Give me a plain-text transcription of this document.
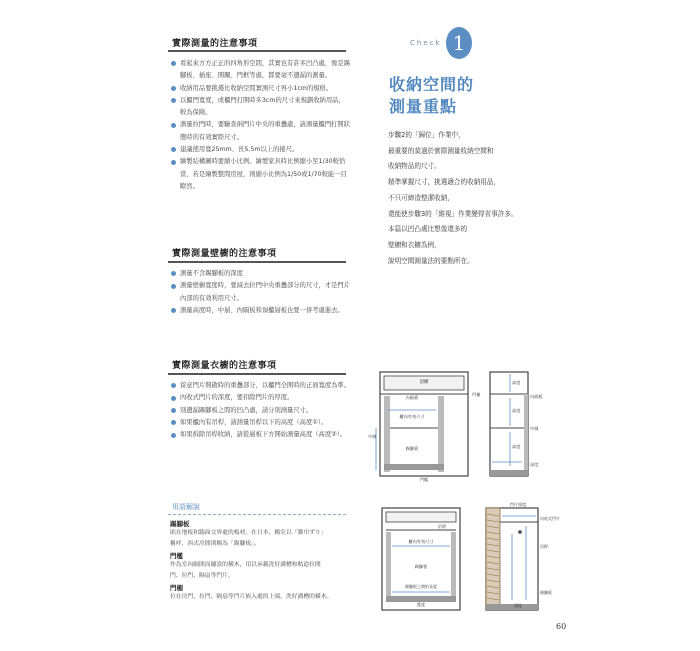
實際測量的注意事項
看起來方方正正的四角形空間，其實也有許多凹凸處，像是踢腳板、插座、開關、門框等處，都要毫不遺漏的測量。
收納用品要挑選比收納空間實測尺寸再小1cm的規格。
以櫃門寬度，或櫃門打開時多3cm的尺寸來規劃收納用品，較為保險。
測量拉門時，要驗查兩門片中央的重疊處，請測量櫃門打開狀態時的有效實際尺寸。
建議使用寬25mm、長5.5m以上的捲尺。
繪製結構圖時要縮小比例。繪製家具時比例縮小至1/30較恰當，若是繪製整間房屋，則縮小比例為1/50或1/70較能一目瞭然。
實際測量壁櫥的注意事項
測量不含踢腳板的深度
測量壁櫥寬度時，要減去拉門中央重疊部分的尺寸，才是門片內部的有效利用尺寸。
測量高度時，中層、內隔板和頂櫃層板也要一併考慮進去。
實際測量衣櫥的注意事項
留意門片開啟時的重疊部分，以櫃門全開時的正面寬度為準。
內收式門片的深度，要扣除門片的厚度。
別遺漏踢腳板之間的凹凸處，請分別測量尺寸。
如果櫃內有吊桿，請測量吊桿以下的高度（高度①）。
如果拆除吊桿收納，請從層板下方開始測量高度（高度②）。
用語解說
踢腳板
貼在地板和牆面交界處的板材。在日本，稱室以「雜巾ずり」
稱呼，西式房間則稱為「踢腳板」。
門檻
作為室內隔間而鋪設的橫木，用以承載洗好溝槽和軌道拉開
門、拉門、隔扇等門片。
門楣
位在房門、拉門、隔扇等門片嵌入處的上端，洗好溝槽的橫木。
Check 1
收納空間的
測量重點
步驟2的「歸位」作業中，
最重要的莫過於實際測量收納空間和
收納物品的尺寸。
精準掌握尺寸，挑選適合的收納用品，
不只可締造整潔收納，
還能使步驟3的「維視」作業變得省事許多。
本篇以凹凸處比想像還多的
壁櫥和衣櫥為例，
說明空間測量法的要點所在。
頂櫃
內隔板
櫃內有效尺寸
中層
踢腳板
門檻
門楣
高度
內隔板
高度
中層
高度
深度
吊桿
櫃內有效尺寸
踢腳板
踢腳板之間的長度
寬度
門片厚度
內收式門片
吊桿
踢腳板
深度
60
